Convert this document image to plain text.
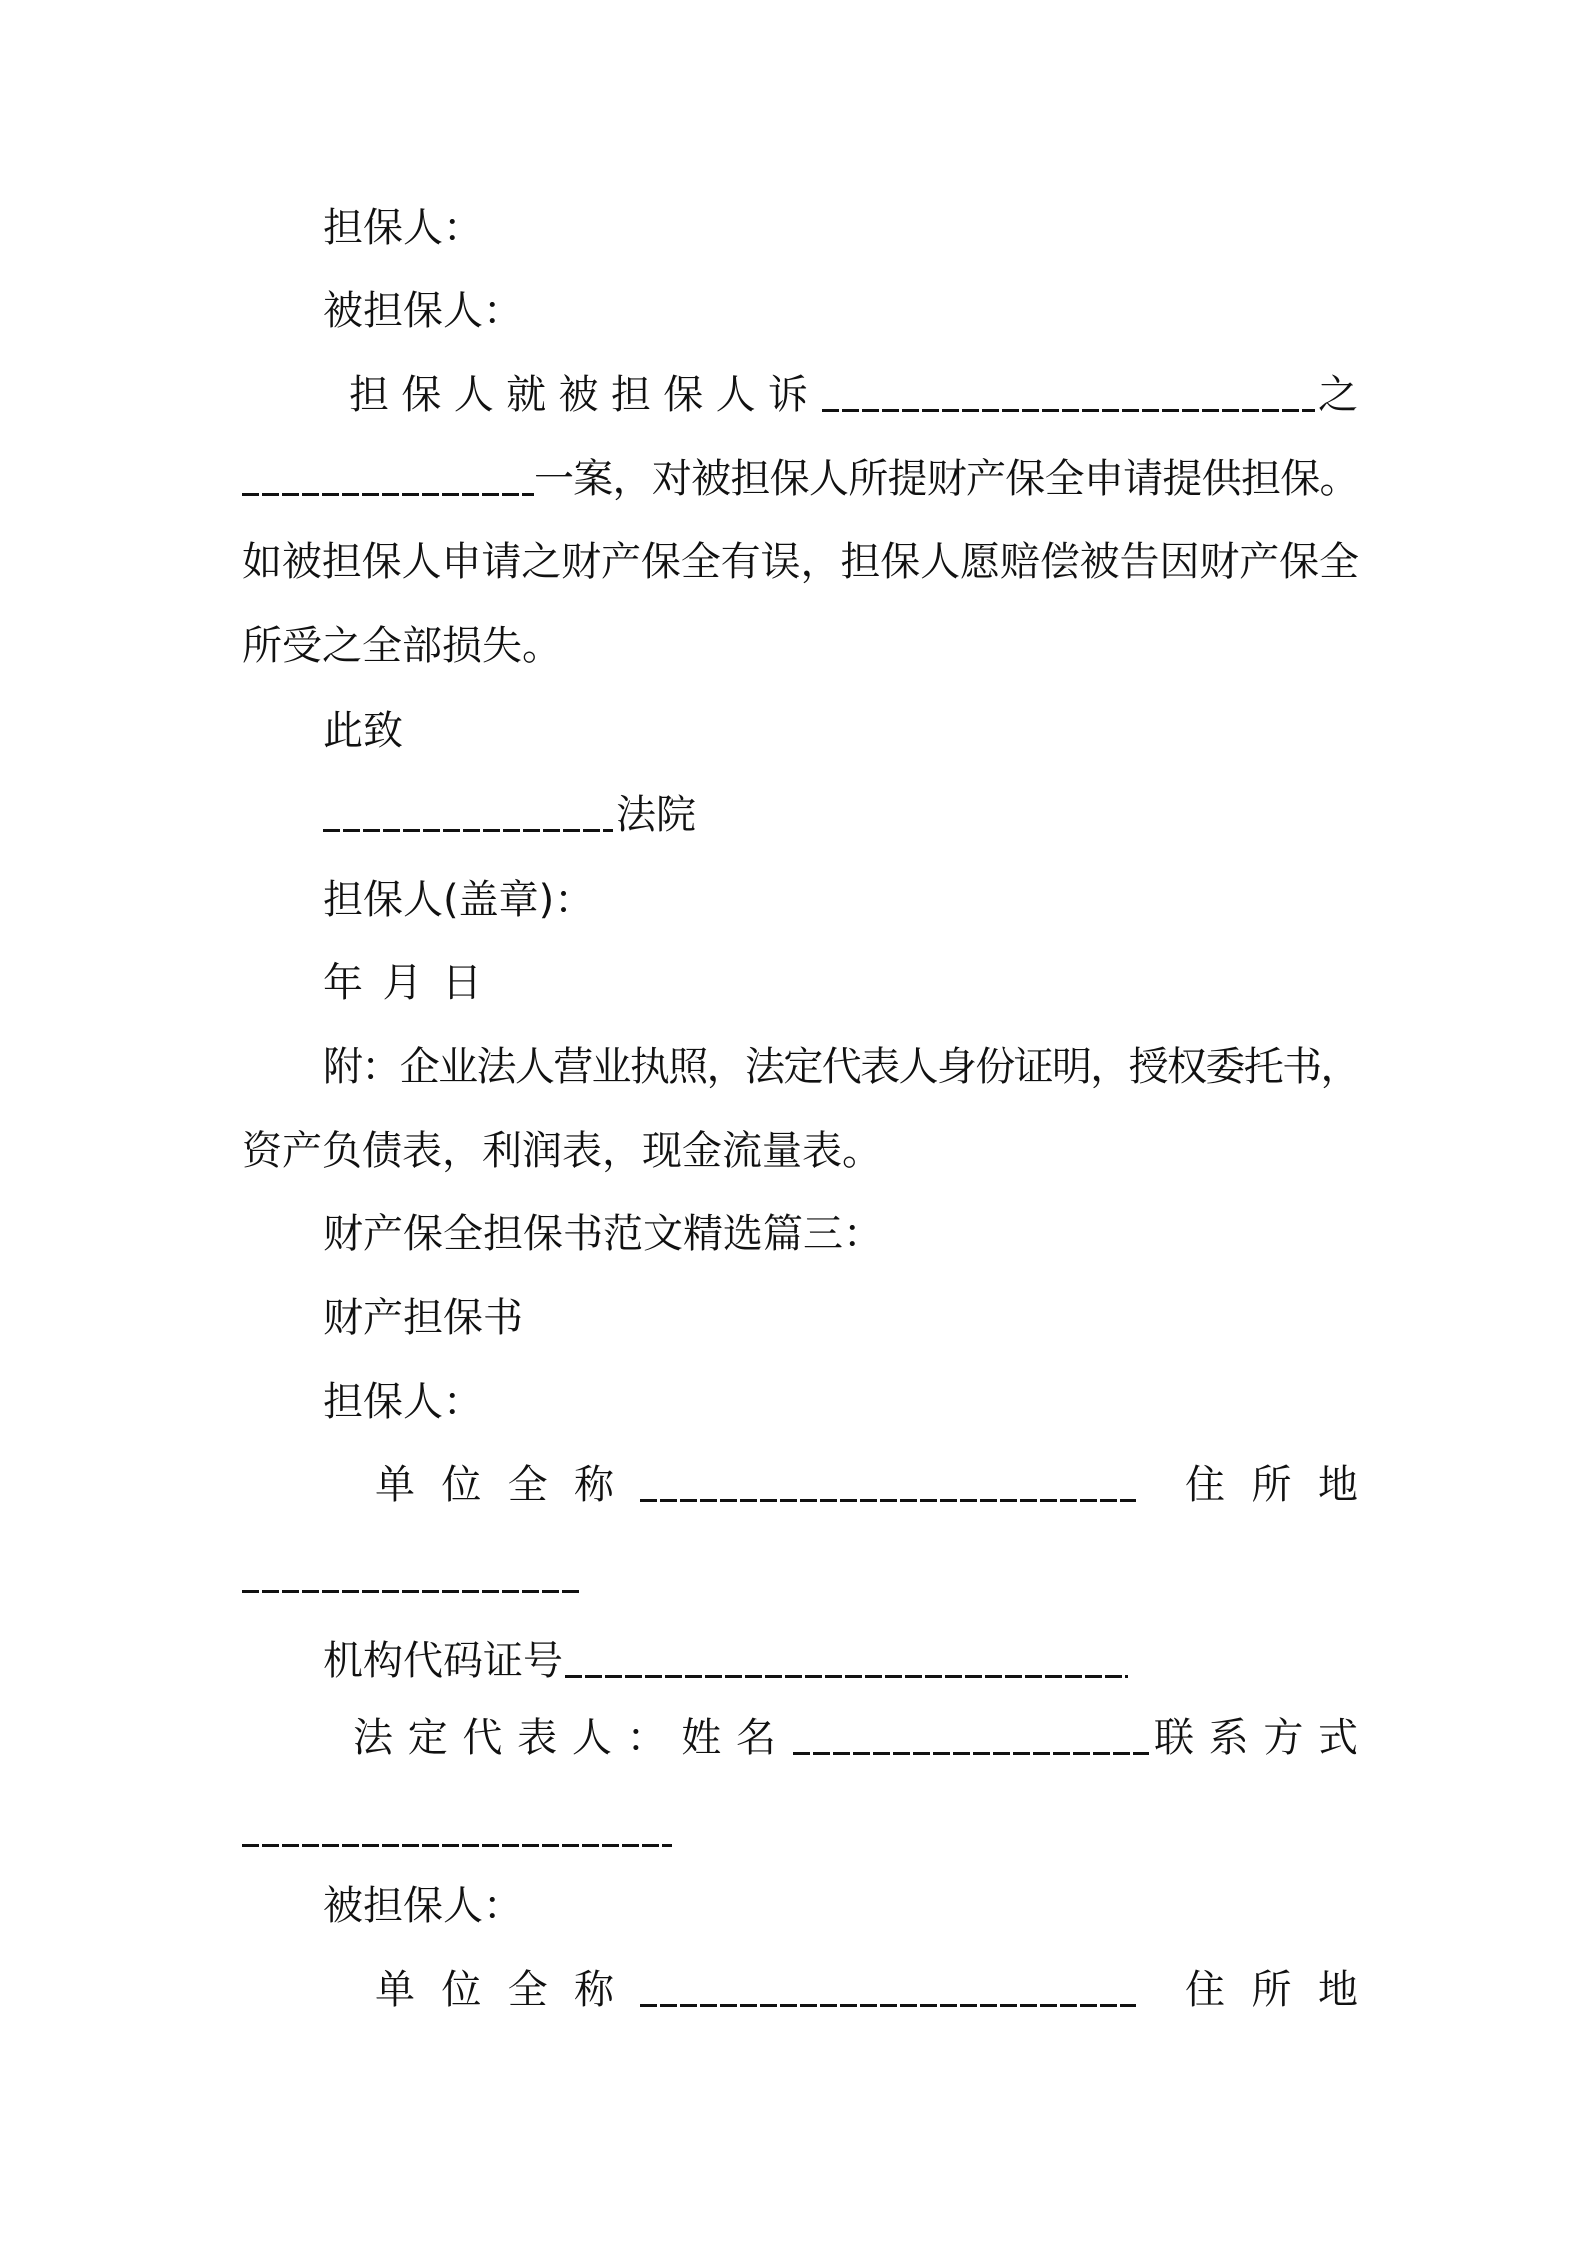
担保人：
被担保人：
担 保 人 就 被 担 保 人 诉	之
一案，对被担保人所提财产保全申请提供担保。
如被担保人申请之财产保全有误，担保人愿赔偿被告因财产保全
所受之全部损失。
此致
法院
担保人(盖章)：
年 月 日
附：企业法人营业执照，法定代表人身份证明，授权委托书，
资产负债表，利润表，现金流量表。
财产保全担保书范文精选篇三：
财产担保书
担保人：
单 位 全 称	住 所 地
机构代码证号
法 定 代 表 人 ： 姓 名	联 系 方 式
被担保人：
单 位 全 称	住 所 地
